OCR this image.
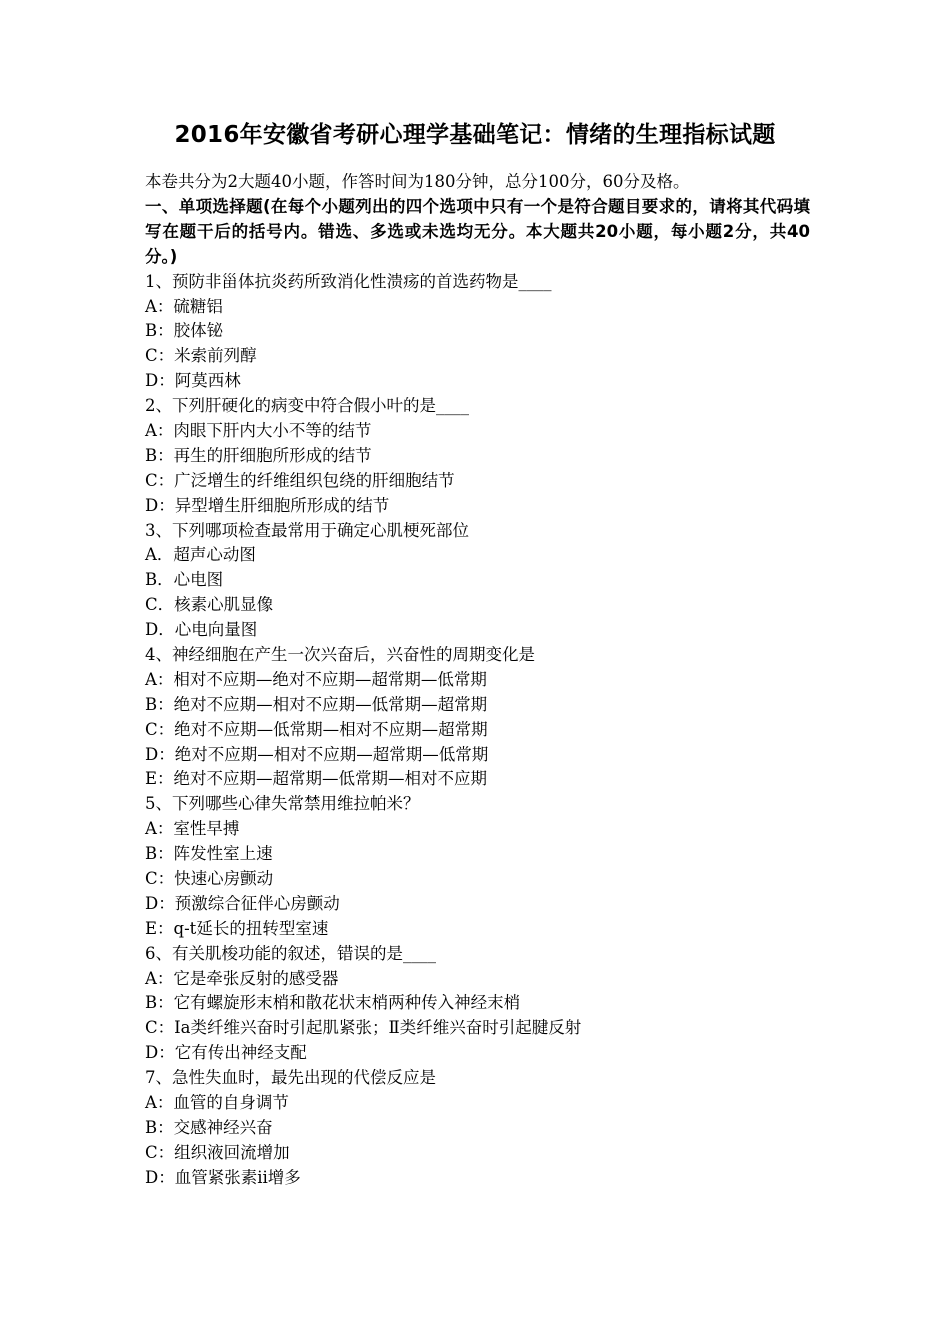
2016年安徽省考研心理学基础笔记：情绪的生理指标试题
本卷共分为2大题40小题，作答时间为180分钟，总分100分，60分及格。
一、单项选择题(在每个小题列出的四个选项中只有一个是符合题目要求的，请将其代码填写在题干后的括号内。错选、多选或未选均无分。本大题共20小题，每小题2分，共40分。)
1、预防非甾体抗炎药所致消化性溃疡的首选药物是____
A：硫糖铝
B：胶体铋
C：米索前列醇
D：阿莫西林
2、下列肝硬化的病变中符合假小叶的是____
A：肉眼下肝内大小不等的结节
B：再生的肝细胞所形成的结节
C：广泛增生的纤维组织包绕的肝细胞结节
D：异型增生肝细胞所形成的结节
3、下列哪项检查最常用于确定心肌梗死部位
A．超声心动图
B．心电图
C．核素心肌显像
D．心电向量图
4、神经细胞在产生一次兴奋后，兴奋性的周期变化是
A：相对不应期—绝对不应期—超常期—低常期
B：绝对不应期—相对不应期—低常期—超常期
C：绝对不应期—低常期—相对不应期—超常期
D：绝对不应期—相对不应期—超常期—低常期
E：绝对不应期—超常期—低常期—相对不应期
5、下列哪些心律失常禁用维拉帕米？
A：室性早搏
B：阵发性室上速
C：快速心房颤动
D：预激综合征伴心房颤动
E：q-t延长的扭转型室速
6、有关肌梭功能的叙述，错误的是____
A：它是牵张反射的感受器
B：它有螺旋形末梢和散花状末梢两种传入神经末梢
C：Ⅰa类纤维兴奋时引起肌紧张；Ⅱ类纤维兴奋时引起腱反射
D：它有传出神经支配
7、急性失血时，最先出现的代偿反应是
A：血管的自身调节
B：交感神经兴奋
C：组织液回流增加
D：血管紧张素ⅱ增多
